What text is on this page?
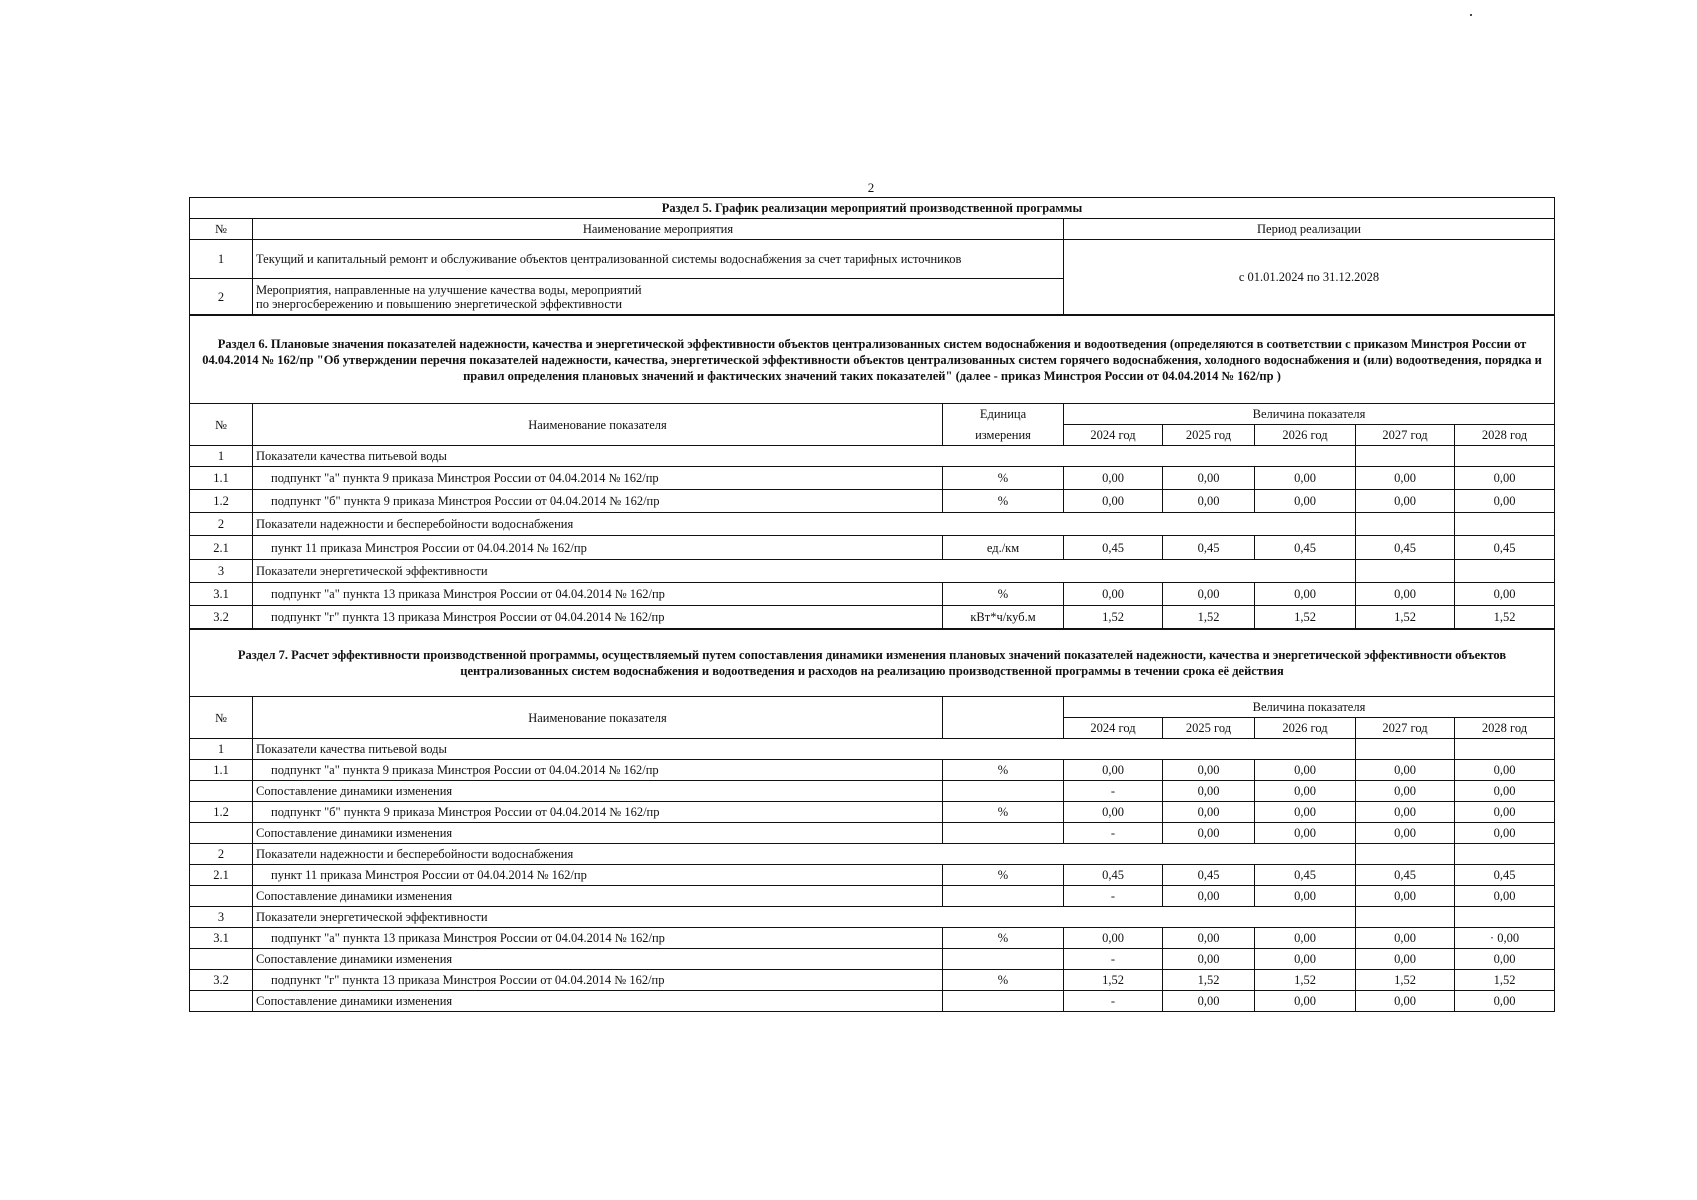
2
Раздел 5. График реализации мероприятий производственной программы		
№	Наименование мероприятия	Период реализации
1	Текущий и капитальный ремонт и обслуживание объектов централизованной системы водоснабжения за счет тарифных источников	с 01.01.2024 по 31.12.2028
2	Мероприятия, направленные на улучшение качества воды, мероприятий
по энергосбережению и повышению энергетической эффективности	
Раздел 6. Плановые значения показателей надежности, качества и энергетической эффективности объектов централизованных систем водоснабжения и водоотведения (определяются в соответствии с приказом Минстроя России от 04.04.2014 № 162/пр "Об утверждении перечня показателей надежности, качества, энергетической эффективности объектов централизованных систем горячего водоснабжения, холодного водоснабжения и (или) водоотведения, порядка и правил определения плановых значений и фактических значений таких показателей" (далее - приказ Минстроя России от 04.04.2014 № 162/пр )							
№	Наименование показателя	Единица	Величина показателя				
		измерения	2024 год	2025 год	2026 год	2027 год	2028 год
1	Показатели качества питьевой воды						
1.1	подпункт "а" пункта 9 приказа Минстроя России от 04.04.2014 № 162/пр	%	0,00	0,00	0,00	0,00	0,00
1.2	подпункт "б" пункта 9 приказа Минстроя России от 04.04.2014 № 162/пр	%	0,00	0,00	0,00	0,00	0,00
2	Показатели надежности и бесперебойности водоснабжения						
2.1	пункт 11 приказа Минстроя России от 04.04.2014 № 162/пр	ед./км	0,45	0,45	0,45	0,45	0,45
3	Показатели энергетической эффективности						
3.1	подпункт "а" пункта 13 приказа Минстроя России от 04.04.2014 № 162/пр	%	0,00	0,00	0,00	0,00	0,00
3.2	подпункт "г" пункта 13 приказа Минстроя России от 04.04.2014 № 162/пр	кВт*ч/куб.м	1,52	1,52	1,52	1,52	1,52
Раздел 7. Расчет эффективности производственной программы, осуществляемый путем сопоставления динамики изменения плановых значений показателей надежности, качества и энергетической эффективности объектов централизованных систем водоснабжения и водоотведения и расходов на реализацию производственной программы в течении срока её действия							
№	Наименование показателя		Величина показателя				
			2024 год	2025 год	2026 год	2027 год	2028 год
1	Показатели качества питьевой воды						
1.1	подпункт "а" пункта 9 приказа Минстроя России от 04.04.2014 № 162/пр	%	0,00	0,00	0,00	0,00	0,00
	Сопоставление динамики изменения		-	0,00	0,00	0,00	0,00
1.2	подпункт "б" пункта 9 приказа Минстроя России от 04.04.2014 № 162/пр	%	0,00	0,00	0,00	0,00	0,00
	Сопоставление динамики изменения		-	0,00	0,00	0,00	0,00
2	Показатели надежности и бесперебойности водоснабжения						
2.1	пункт 11 приказа Минстроя России от 04.04.2014 № 162/пр	%	0,45	0,45	0,45	0,45	0,45
	Сопоставление динамики изменения		-	0,00	0,00	0,00	0,00
3	Показатели энергетической эффективности						
3.1	подпункт "а" пункта 13 приказа Минстроя России от 04.04.2014 № 162/пр	%	0,00	0,00	0,00	0,00	· 0,00
	Сопоставление динамики изменения		-	0,00	0,00	0,00	0,00
3.2	подпункт "г" пункта 13 приказа Минстроя России от 04.04.2014 № 162/пр	%	1,52	1,52	1,52	1,52	1,52
	Сопоставление динамики изменения		-	0,00	0,00	0,00	0,00
